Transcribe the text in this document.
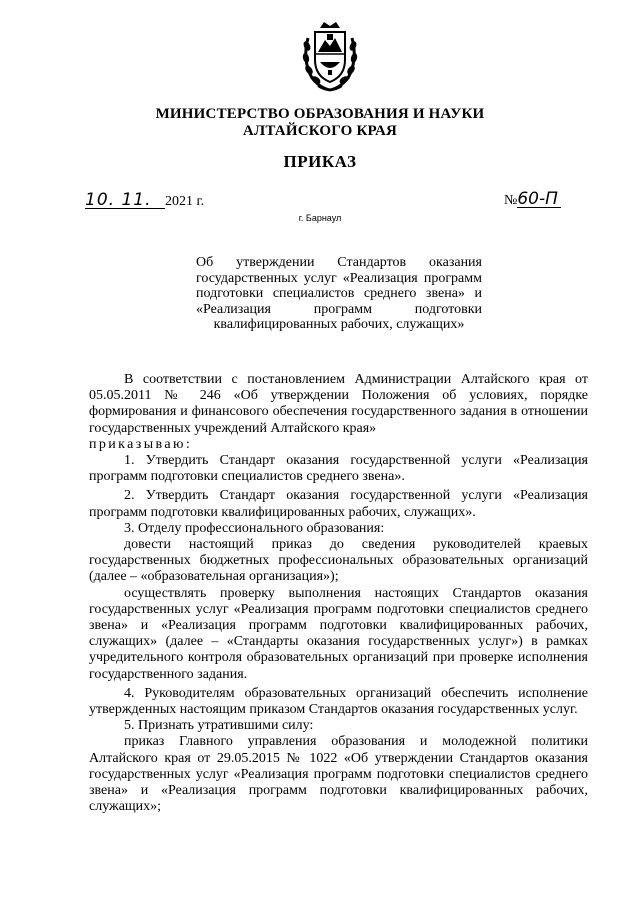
МИНИСТЕРСТВО ОБРАЗОВАНИЯ И НАУКИ
АЛТАЙСКОГО КРАЯ
ПРИКАЗ
10. 11. 2021 г.	№60-П
г. Барнаул
Об утверждении Стандартов оказания государственных услуг «Реализация программ подготовки специалистов среднего звена» и «Реализация программ подготовки квалифицированных рабочих, служащих»

В соответствии с постановлением Администрации Алтайского края от 05.05.2011 № 246 «Об утверждении Положения об условиях, порядке формирования и финансового обеспечения государственного задания в отношении государственных учреждений Алтайского края»

приказываю:

1. Утвердить Стандарт оказания государственной услуги «Реализация программ подготовки специалистов среднего звена».

2. Утвердить Стандарт оказания государственной услуги «Реализация программ подготовки квалифицированных рабочих, служащих».

3. Отделу профессионального образования:

довести настоящий приказ до сведения руководителей краевых государственных бюджетных профессиональных образовательных организаций (далее – «образовательная организация»);

осуществлять проверку выполнения настоящих Стандартов оказания государственных услуг «Реализация программ подготовки специалистов среднего звена» и «Реализация программ подготовки квалифицированных рабочих, служащих» (далее – «Стандарты оказания государственных услуг») в рамках учредительного контроля образовательных организаций при проверке исполнения государственного задания.

4. Руководителям образовательных организаций обеспечить исполнение утвержденных настоящим приказом Стандартов оказания государственных услуг.

5. Признать утратившими силу:

приказ Главного управления образования и молодежной политики Алтайского края от 29.05.2015 № 1022 «Об утверждении Стандартов оказания государственных услуг «Реализация программ подготовки специалистов среднего звена» и «Реализация программ подготовки квалифицированных рабочих, служащих»;
